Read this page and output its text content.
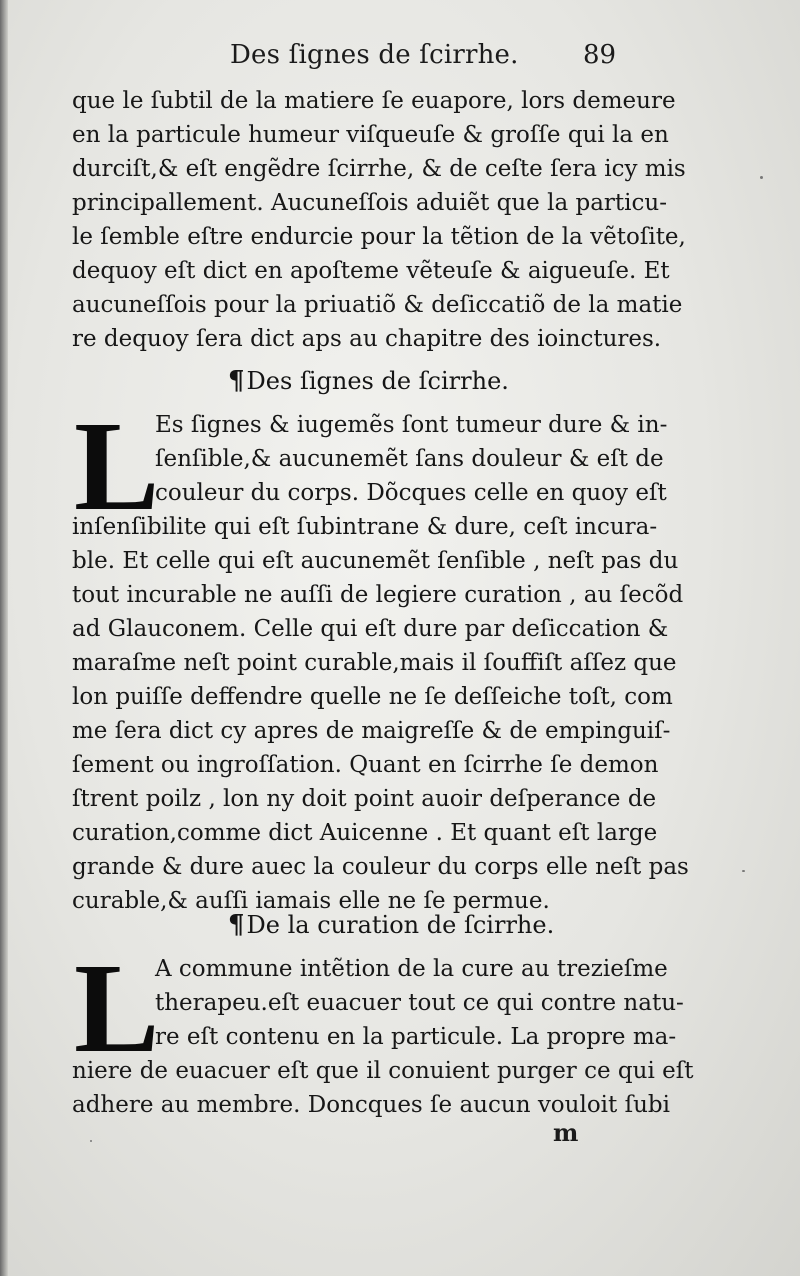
Des ſignes de ſcirrhe. 89
que le ſubtil de la matiere ſe euapore, lors demeure
en la particule humeur viſqueuſe & groſſe qui la en
durciſt,& eſt engẽdre ſcirrhe, & de ceſte ſera icy mis
principallement. Aucuneſſois aduiẽt que la particu-
le ſemble eſtre endurcie pour la tẽtion de la vẽtoſite,
dequoy eſt dict en apoſteme vẽteuſe & aigueuſe. Et
aucuneſſois pour la priuatiõ & deſiccatiõ de la matie
re dequoy ſera dict aps au chapitre des ioinctures.
¶Des ſignes de ſcirrhe.
L
Es ſignes & iugemẽs ſont tumeur dure & in-
ſenſible,& aucunemẽt ſans douleur & eſt de
couleur du corps. Dõcques celle en quoy eſt
inſenſibilite qui eſt ſubintrane & dure, ceſt incura-
ble. Et celle qui eſt aucunemẽt ſenſible , neſt pas du
tout incurable ne auſſi de legiere curation , au ſecõd
ad Glauconem. Celle qui eſt dure par deſiccation &
maraſme neſt point curable,mais il ſouffiſt aſſez que
lon puiſſe deffendre quelle ne ſe deſſeiche toſt, com
me ſera dict cy apres de maigreſſe & de empinguiſ-
ſement ou ingroſſation. Quant en ſcirrhe ſe demon
ſtrent poilz , lon ny doit point auoir deſperance de
curation,comme dict Auicenne . Et quant eſt large
grande & dure auec la couleur du corps elle neſt pas
curable,& auſſi iamais elle ne ſe permue.
¶De la curation de ſcirrhe.
L
A commune intẽtion de la cure au trezieſme
therapeu.eſt euacuer tout ce qui contre natu-
re eſt contenu en la particule. La propre ma-
niere de euacuer eſt que il conuient purger ce qui eſt
adhere au membre. Doncques ſe aucun vouloit ſubi
m
